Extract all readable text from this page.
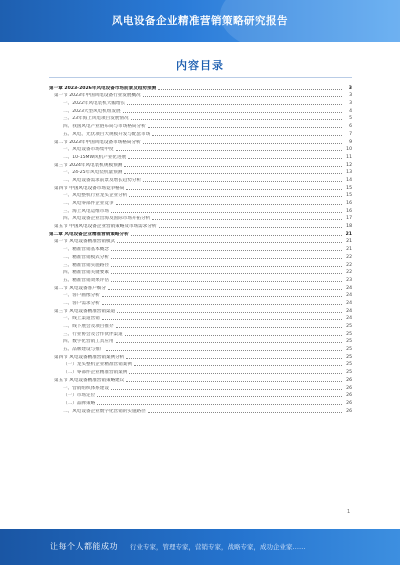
风电设备企业精准营销策略研究报告
内容目录
第一章 2023-2026年风电设备市场前景及趋势预测	3
第一节 2023年中国风电设备行业发展概况	3
一、2022年风电装机大幅增长	3
二、2023大型风电机组发展	4
三、23年海上风电项目发展情况	5
四、我国风电产业链布局与市场格局分析	6
五、风电、光伏项目大规模开发与配套市场	7
第二节 2023年中国风电设备市场格局分析	9
一、风电设备市场集中度	10
二、10-15MW风机产业化进展	11
第三节 2024年风电装机规模预测	12
一、24-25年风电装机量预测	13
二、风电设备需求前景及增长趋势分析	14
第四节 中国风电设备市场竞争格局	15
一、风电整机行业龙头企业分析	15
二、风电零部件企业竞争	16
三、海上风电运维市场	16
四、风电设备企业出海及国际市场开拓分析	17
第五节 中国风电设备企业营销策略及市场需求分析	18
第二章 风电设备企业精准营销策略分析	21
第一节 风电设备精准营销模式	21
一、精准营销基本概念	21
二、精准营销模式分析	22
三、精准营销实施路径	22
四、精准营销关键要素	22
五、精准营销效果评估	23
第二节 风电设备客户细分	24
一、客户画像分析	24
二、客户需求分析	24
第三节 风电设备精准营销渠道	24
一、线上渠道营销	24
二、线下展会及项目推介	25
三、行业协会及合作伙伴渠道	25
四、数字化营销工具应用	25
五、品牌建设与推广	25
第四节 风电设备精准营销案例分析	25
（一）龙头整机企业精准营销案例	25
（二）零部件企业精准营销案例	25
第五节 风电设备精准营销策略建议	26
一、营销组织体系建设	26
（一）市场定位	26
（二）品牌策略	26
二、风电设备企业数字化营销的实施路径	26
1
让每个人都能成功 行业专家，管理专家，营销专家，战略专家，成功企业家……
